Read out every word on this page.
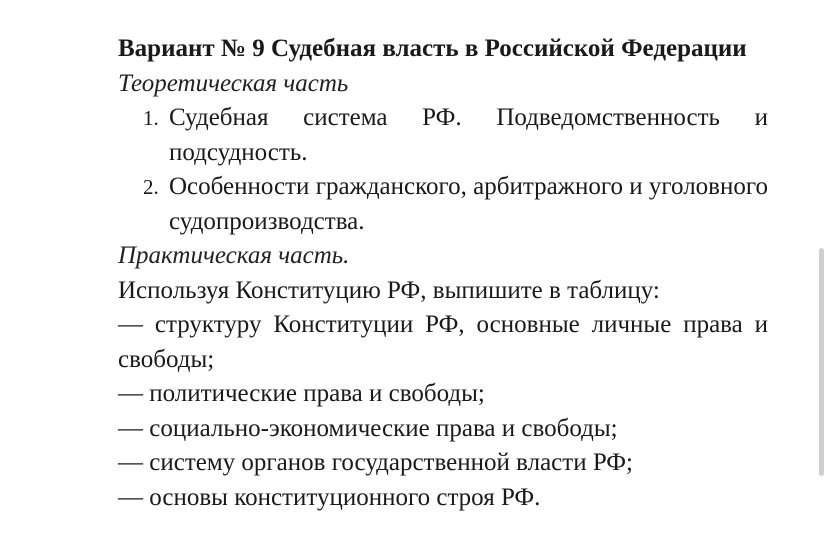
Вариант № 9 Судебная власть в Российской Федерации

Теоретическая часть

1. Судебная система РФ. Подведомственность и подсудность.
2. Особенности гражданского, арбитражного и уголовного судопроизводства.

Практическая часть.

Используя Конституцию РФ, выпишите в таблицу:

— структуру Конституции РФ, основные личные права и свободы;

— политические права и свободы;

— социально-экономические права и свободы;

— систему органов государственной власти РФ;

— основы конституционного строя РФ.
